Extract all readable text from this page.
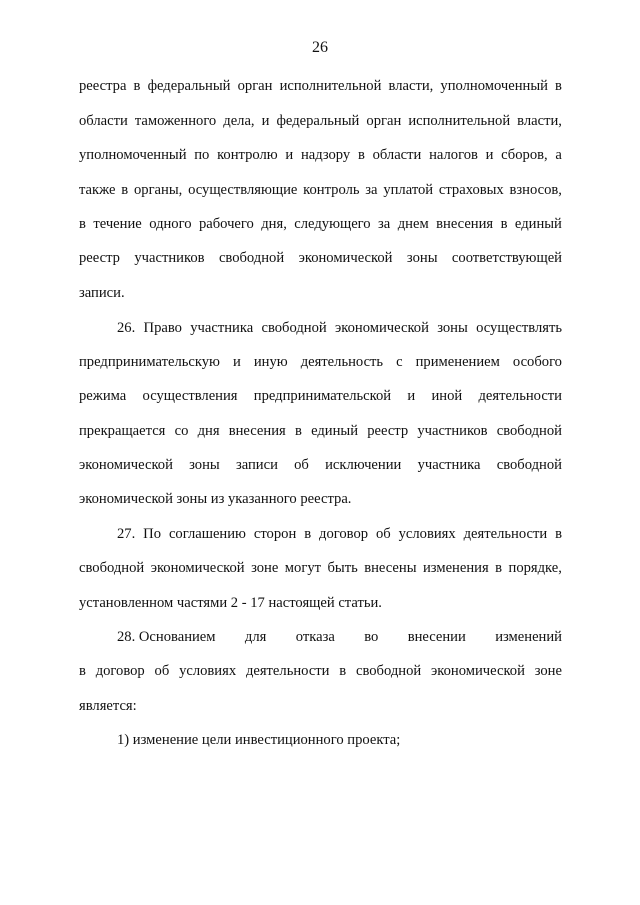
26
реестра в федеральный орган исполнительной власти, уполномоченный в
области таможенного дела, и федеральный орган исполнительной власти,
уполномоченный по контролю и надзору в области налогов и сборов, а
также в органы, осуществляющие контроль за уплатой страховых взносов,
в течение одного рабочего дня, следующего за днем внесения в единый
реестр участников свободной экономической зоны соответствующей
записи.
26. Право участника свободной экономической зоны осуществлять
предпринимательскую и иную деятельность с применением особого
режима осуществления предпринимательской и иной деятельности
прекращается со дня внесения в единый реестр участников свободной
экономической зоны записи об исключении участника свободной
экономической зоны из указанного реестра.
27. По соглашению сторон в договор об условиях деятельности в
свободной экономической зоне могут быть внесены изменения в порядке,
установленном частями 2 - 17 настоящей статьи.
28. Основанием для отказа во внесении изменений
в договор об условиях деятельности в свободной экономической зоне
является:
1) изменение цели инвестиционного проекта;
